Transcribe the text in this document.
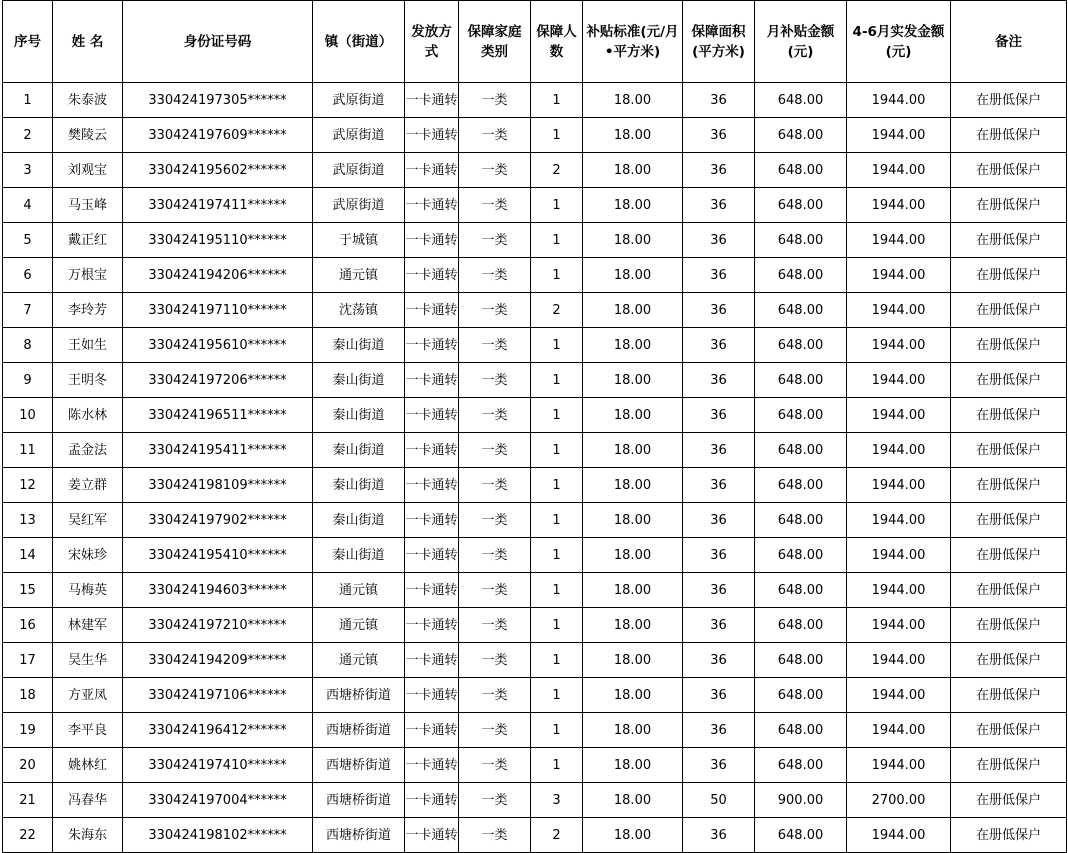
序号	姓 名	身份证号码	镇（街道）	发放方式	保障家庭类别	保障人数	补贴标准(元/月•平方米)	保障面积(平方米)	月补贴金额(元)	4-6月实发金额(元)	备注

1	朱泰波	330424197305******	武原街道	一卡通转	一类	1	18.00	36	648.00	1944.00	在册低保户
2	樊陵云	330424197609******	武原街道	一卡通转	一类	1	18.00	36	648.00	1944.00	在册低保户
3	刘观宝	330424195602******	武原街道	一卡通转	一类	2	18.00	36	648.00	1944.00	在册低保户
4	马玉峰	330424197411******	武原街道	一卡通转	一类	1	18.00	36	648.00	1944.00	在册低保户
5	戴正红	330424195110******	于城镇	一卡通转	一类	1	18.00	36	648.00	1944.00	在册低保户
6	万根宝	330424194206******	通元镇	一卡通转	一类	1	18.00	36	648.00	1944.00	在册低保户
7	李玲芳	330424197110******	沈荡镇	一卡通转	一类	2	18.00	36	648.00	1944.00	在册低保户
8	王如生	330424195610******	秦山街道	一卡通转	一类	1	18.00	36	648.00	1944.00	在册低保户
9	王明冬	330424197206******	秦山街道	一卡通转	一类	1	18.00	36	648.00	1944.00	在册低保户
10	陈水林	330424196511******	秦山街道	一卡通转	一类	1	18.00	36	648.00	1944.00	在册低保户
11	孟金法	330424195411******	秦山街道	一卡通转	一类	1	18.00	36	648.00	1944.00	在册低保户
12	姜立群	330424198109******	秦山街道	一卡通转	一类	1	18.00	36	648.00	1944.00	在册低保户
13	吴红军	330424197902******	秦山街道	一卡通转	一类	1	18.00	36	648.00	1944.00	在册低保户
14	宋妹珍	330424195410******	秦山街道	一卡通转	一类	1	18.00	36	648.00	1944.00	在册低保户
15	马梅英	330424194603******	通元镇	一卡通转	一类	1	18.00	36	648.00	1944.00	在册低保户
16	林建军	330424197210******	通元镇	一卡通转	一类	1	18.00	36	648.00	1944.00	在册低保户
17	吴生华	330424194209******	通元镇	一卡通转	一类	1	18.00	36	648.00	1944.00	在册低保户
18	方亚凤	330424197106******	西塘桥街道	一卡通转	一类	1	18.00	36	648.00	1944.00	在册低保户
19	李平良	330424196412******	西塘桥街道	一卡通转	一类	1	18.00	36	648.00	1944.00	在册低保户
20	姚林红	330424197410******	西塘桥街道	一卡通转	一类	1	18.00	36	648.00	1944.00	在册低保户
21	冯春华	330424197004******	西塘桥街道	一卡通转	一类	3	18.00	50	900.00	2700.00	在册低保户
22	朱海东	330424198102******	西塘桥街道	一卡通转	一类	2	18.00	36	648.00	1944.00	在册低保户
